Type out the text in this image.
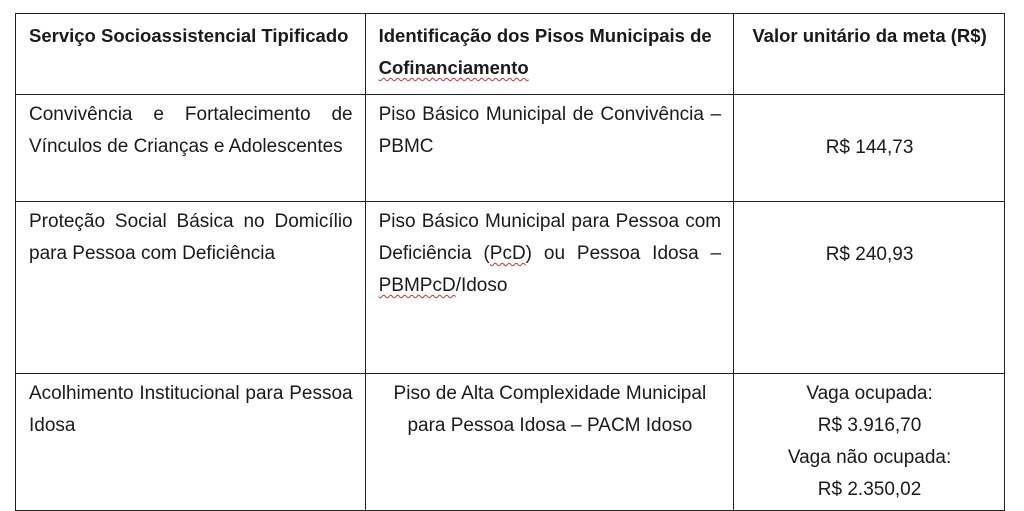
Serviço Socioassistencial Tipificado	Identificação dos Pisos Municipais de Cofinanciamento	Valor unitário da meta (R$)
Convivência e Fortalecimento de Vínculos de Crianças e Adolescentes	Piso Básico Municipal de Convivência – PBMC	R$ 144,73
Proteção Social Básica no Domicílio para Pessoa com Deficiência	Piso Básico Municipal para Pessoa com Deficiência (PcD) ou Pessoa Idosa – PBMPcD/Idoso	R$ 240,93
Acolhimento Institucional para Pessoa Idosa	Piso de Alta Complexidade Municipal para Pessoa Idosa – PACM Idoso	Vaga ocupada:
R$ 3.916,70
Vaga não ocupada:
R$ 2.350,02
